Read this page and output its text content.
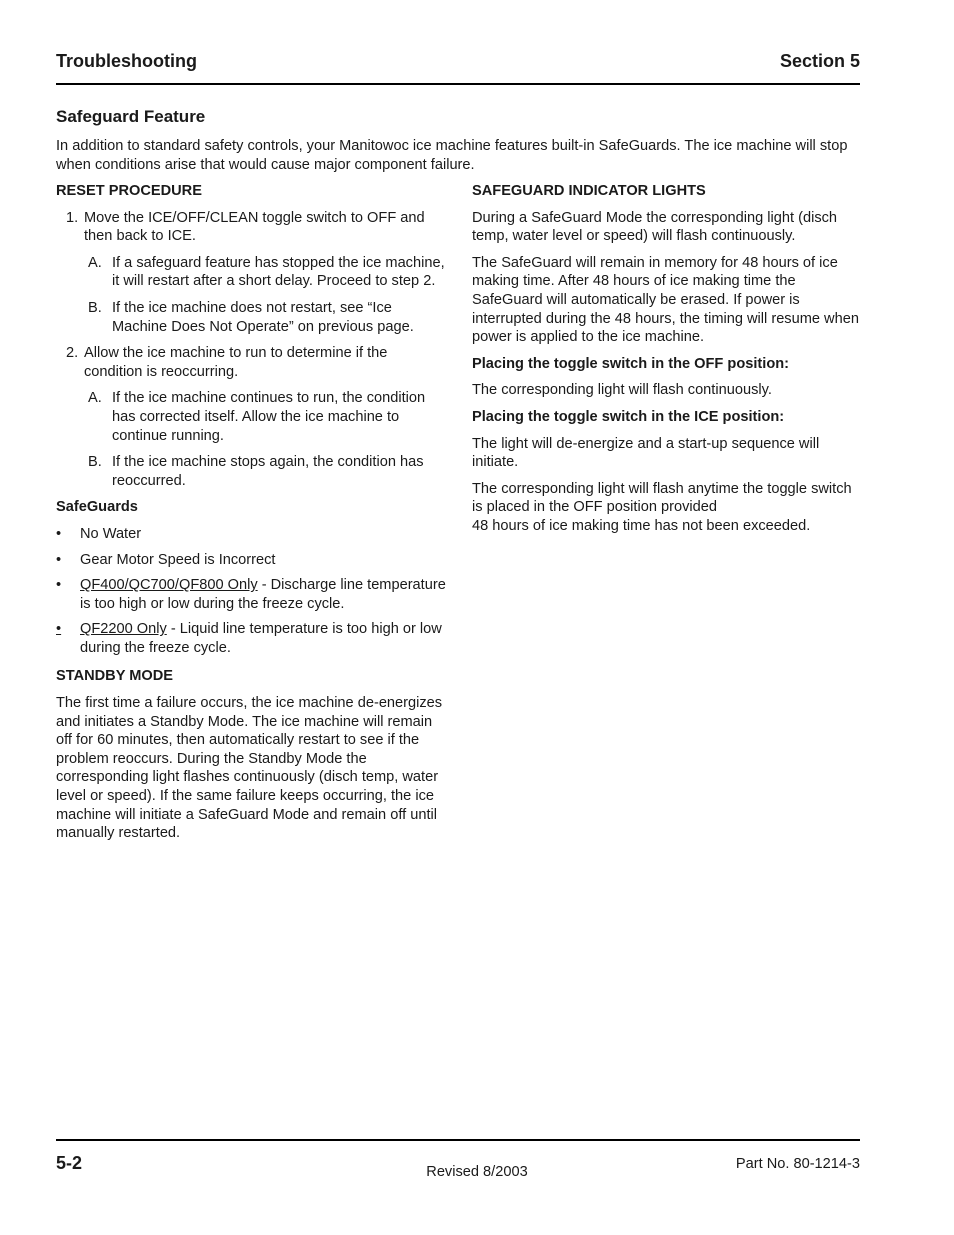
Troubleshooting	Section 5
Safeguard Feature

In addition to standard safety controls, your Manitowoc ice machine features built-in SafeGuards. The ice machine will stop when conditions arise that would cause major component failure.

RESET PROCEDURE
1. Move the ICE/OFF/CLEAN toggle switch to OFF and then back to ICE.
A. If a safeguard feature has stopped the ice machine, it will restart after a short delay. Proceed to step 2.
B. If the ice machine does not restart, see “Ice Machine Does Not Operate” on previous page.
2. Allow the ice machine to run to determine if the condition is reoccurring.
A. If the ice machine continues to run, the condition has corrected itself. Allow the ice machine to continue running.
B. If the ice machine stops again, the condition has reoccurred.
SafeGuards
• No Water
• Gear Motor Speed is Incorrect
• QF400/QC700/QF800 Only - Discharge line temperature is too high or low during the freeze cycle.
• QF2200 Only - Liquid line temperature is too high or low during the freeze cycle.
STANDBY MODE

The first time a failure occurs, the ice machine de-energizes and initiates a Standby Mode. The ice machine will remain off for 60 minutes, then automatically restart to see if the problem reoccurs. During the Standby Mode the corresponding light flashes continuously (disch temp, water level or speed). If the same failure keeps occurring, the ice machine will initiate a SafeGuard Mode and remain off until manually restarted.

SAFEGUARD INDICATOR LIGHTS

During a SafeGuard Mode the corresponding light (disch temp, water level or speed) will flash continuously.

The SafeGuard will remain in memory for 48 hours of ice making time. After 48 hours of ice making time the SafeGuard will automatically be erased. If power is interrupted during the 48 hours, the timing will resume when power is applied to the ice machine.

Placing the toggle switch in the OFF position:

The corresponding light will flash continuously.

Placing the toggle switch in the ICE position:

The light will de-energize and a start-up sequence will initiate.

The corresponding light will flash anytime the toggle switch is placed in the OFF position provided
48 hours of ice making time has not been exceeded.

5-2	Revised 8/2003	Part No. 80-1214-3
